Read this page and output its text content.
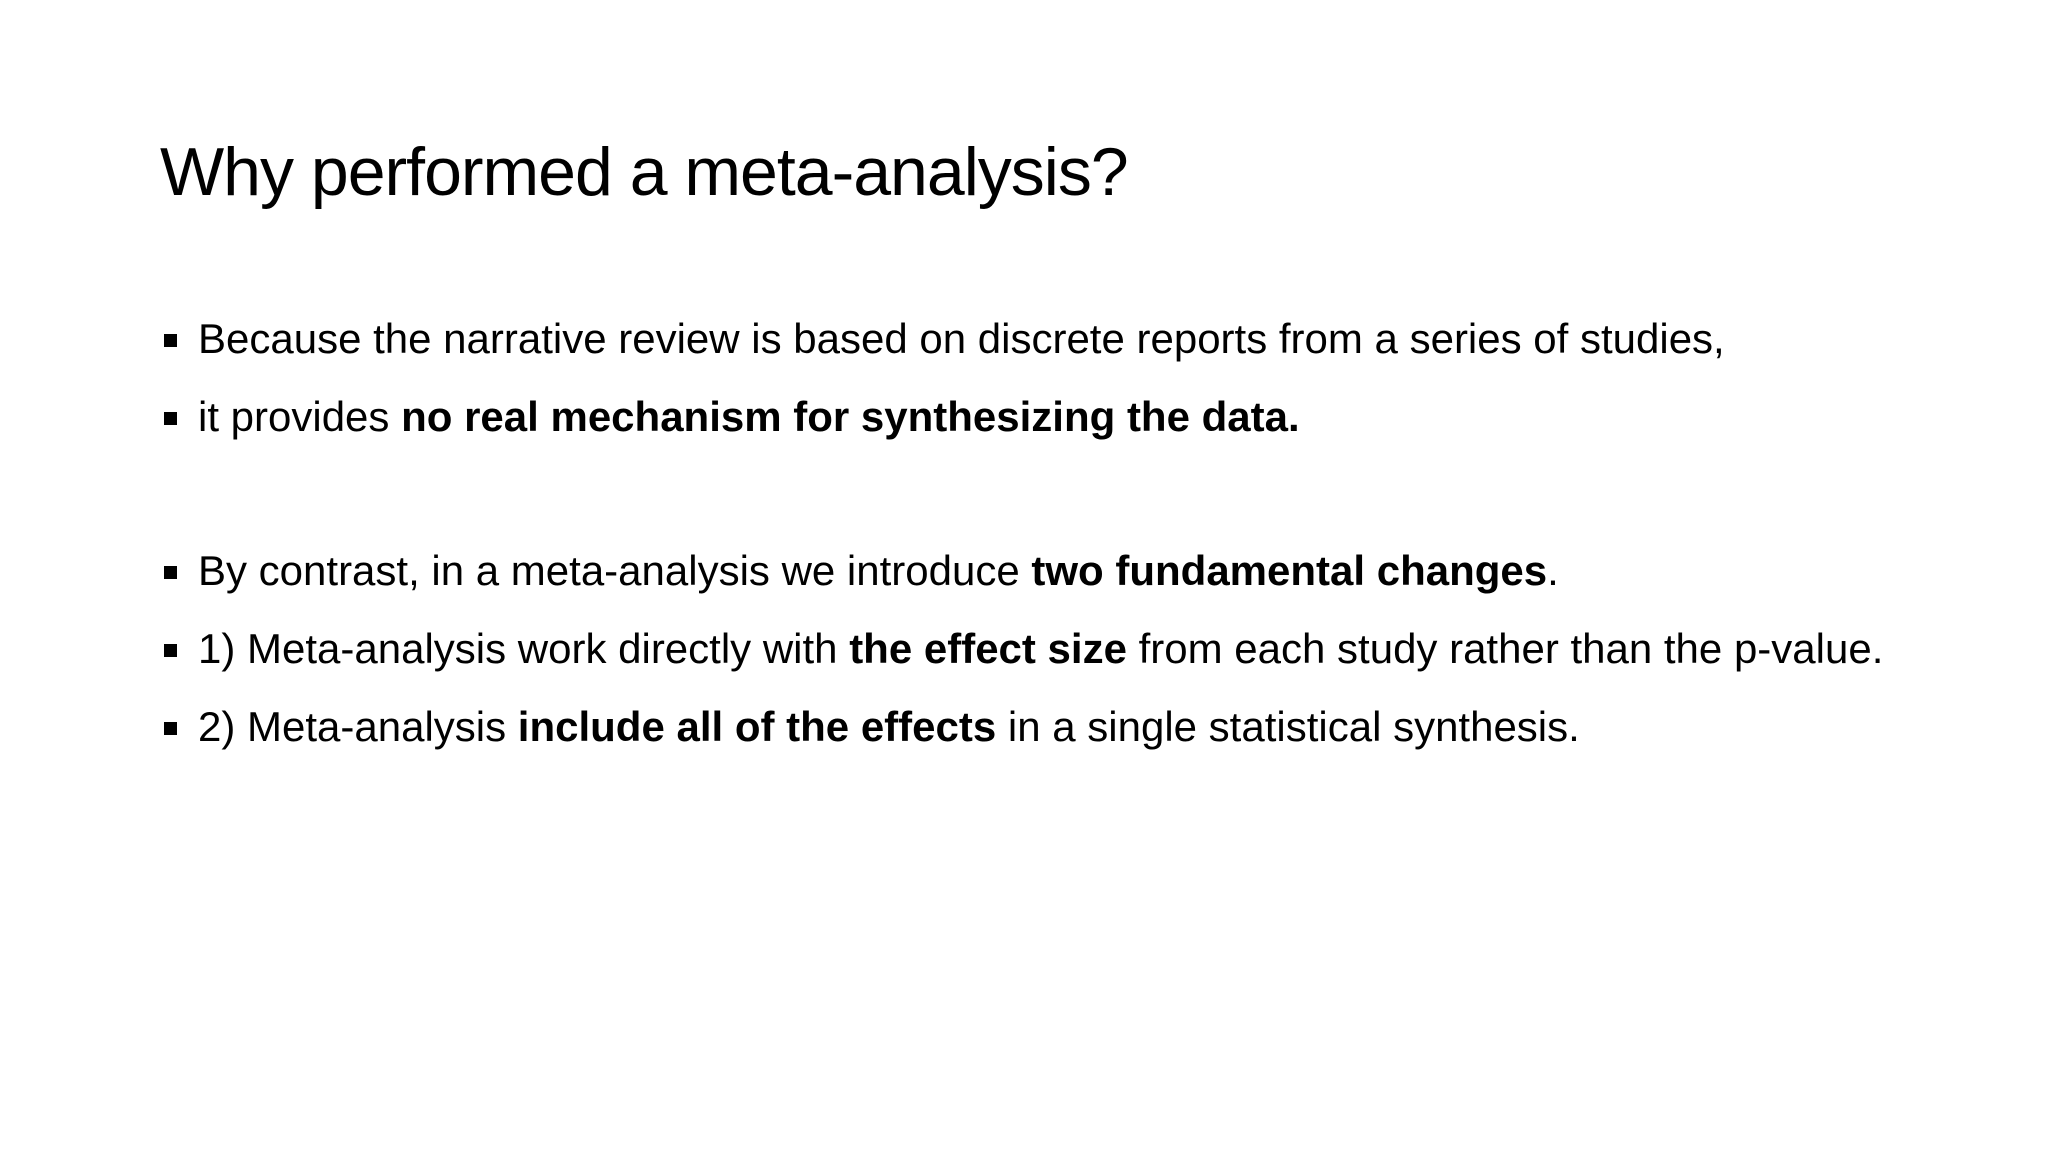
Why performed a meta-analysis?
Because the narrative review is based on discrete reports from a series of studies,
it provides no real mechanism for synthesizing the data.
By contrast, in a meta-analysis we introduce two fundamental changes.
1) Meta-analysis work directly with the effect size from each study rather than the p-value.
2) Meta-analysis include all of the effects in a single statistical synthesis.
